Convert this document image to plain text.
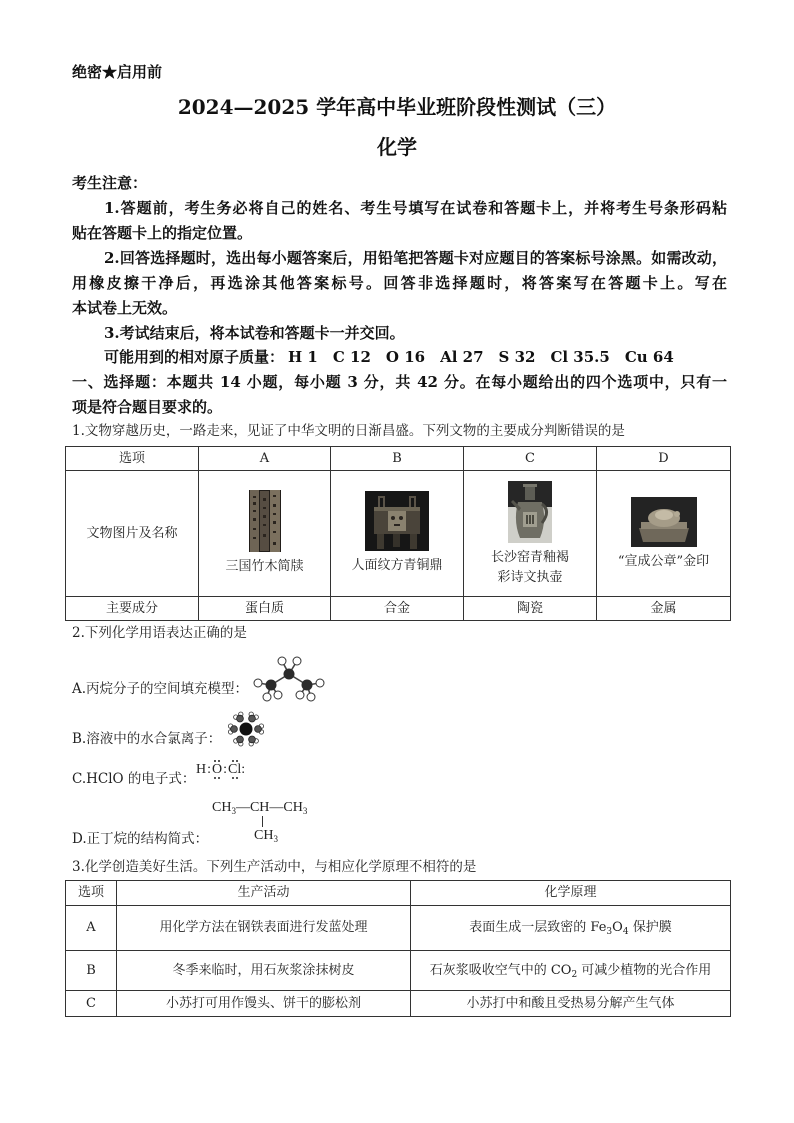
绝密★启用前
2024—2025 学年高中毕业班阶段性测试（三）
化学
考生注意：
1.答题前，考生务必将自己的姓名、考生号填写在试卷和答题卡上，并将考生号条形码粘
贴在答题卡上的指定位置。
2.回答选择题时，选出每小题答案后，用铅笔把答题卡对应题目的答案标号涂黑。如需改动，
用橡皮擦干净后，再选涂其他答案标号。回答非选择题时，将答案写在答题卡上。写在
本试卷上无效。
3.考试结束后，将本试卷和答题卡一并交回。
可能用到的相对原子质量： H 1 C 12 O 16 Al 27 S 32 Cl 35.5 Cu 64
一、选择题：本题共 14 小题，每小题 3 分，共 42 分。在每小题给出的四个选项中，只有一
项是符合题目要求的。
1.文物穿越历史，一路走来，见证了中华文明的日渐昌盛。下列文物的主要成分判断错误的是
选项	A	B	C	D
文物图片及名称	三国竹木简牍	人面纹方青铜鼎	长沙窑青釉褐
彩诗文执壶	“宣成公章”金印

主要成分	蛋白质	合金	陶瓷	金属
2.下列化学用语表达正确的是
A.丙烷分子的空间填充模型：
B.溶液中的水合氯离子：
C.HClO 的电子式：
H:O:Cl:
$CH_3—CH—CH_3$
$CH_3$
D.正丁烷的结构简式：
3.化学创造美好生活。下列生产活动中，与相应化学原理不相符的是
选项	生产活动	化学原理
A	用化学方法在钢铁表面进行发蓝处理	表面生成一层致密的 $Fe_3O_4$ 保护膜
B	冬季来临时，用石灰浆涂抹树皮	石灰浆吸收空气中的 $CO_2$ 可减少植物的光合作用
C	小苏打可用作馒头、饼干的膨松剂	小苏打中和酸且受热易分解产生气体
